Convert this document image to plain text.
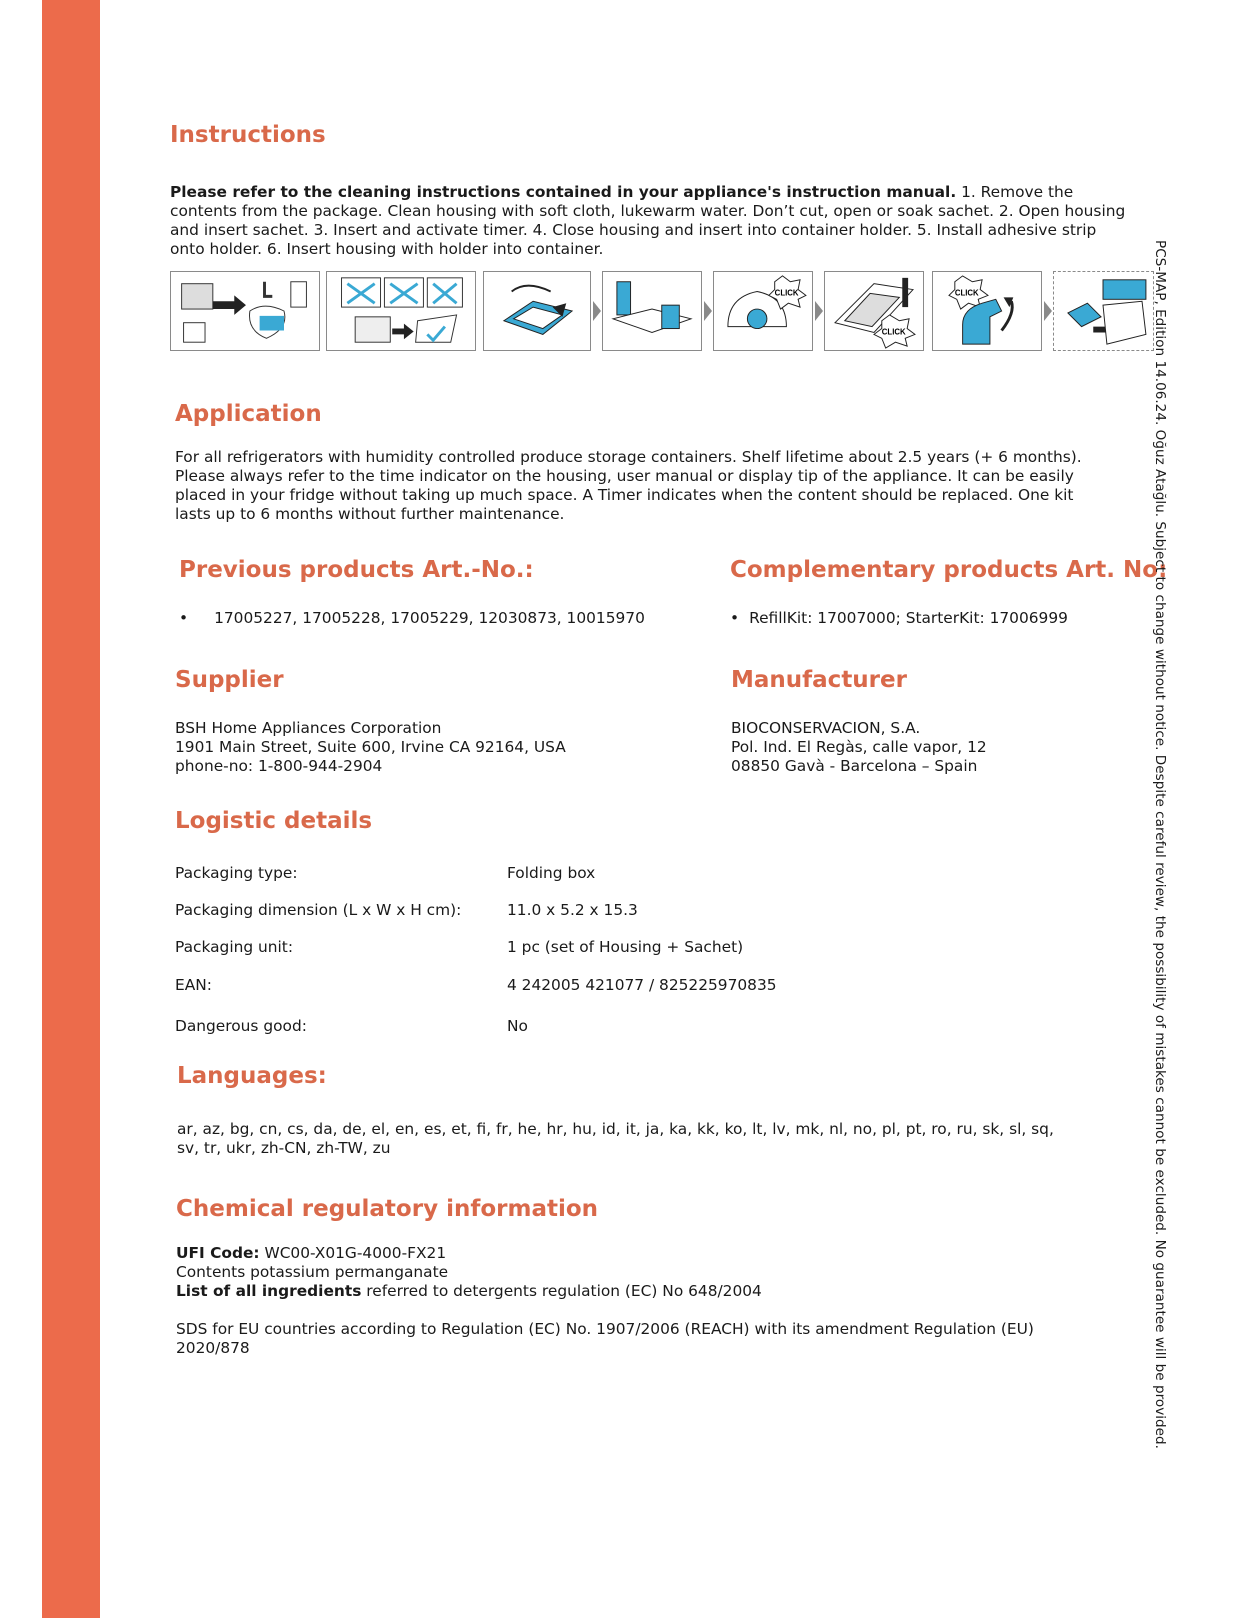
Instructions

Please refer to the cleaning instructions contained in your appliance's instruction manual. 1. Remove the contents from the package. Clean housing with soft cloth, lukewarm water. Don’t cut, open or soak sachet. 2. Open housing and insert sachet. 3. Insert and activate timer. 4. Close housing and insert into container holder. 5. Install adhesive strip onto holder. 6. Insert housing with holder into container.

CLICK
CLICK
CLICK
Application

For all refrigerators with humidity controlled produce storage containers. Shelf lifetime about 2.5 years (+ 6 months). Please always refer to the time indicator on the housing, user manual or display tip of the appliance. It can be easily placed in your fridge without taking up much space. A Timer indicates when the content should be replaced. One kit lasts up to 6 months without further maintenance.

Previous products Art.-No.:
• 17005227, 17005228, 17005229, 12030873, 10015970
Complementary products Art. No:
• RefillKit: 17007000; StarterKit: 17006999
Supplier
BSH Home Appliances Corporation
1901 Main Street, Suite 600, Irvine CA 92164, USA
phone-no: 1-800-944-2904
Manufacturer
BIOCONSERVACION, S.A.
Pol. Ind. El Regàs, calle vapor, 12
08850 Gavà - Barcelona – Spain
Logistic details
Packaging type:	Folding box
Packaging dimension (L x W x H cm):	11.0 x 5.2 x 15.3
Packaging unit:	1 pc (set of Housing + Sachet)
EAN:	4 242005 421077 / 825225970835
Dangerous good:	No
Languages:

ar, az, bg, cn, cs, da, de, el, en, es, et, fi, fr, he, hr, hu, id, it, ja, ka, kk, ko, lt, lv, mk, nl, no, pl, pt, ro, ru, sk, sl, sq, sv, tr, ukr, zh-CN, zh-TW, zu

Chemical regulatory information
UFI Code: WC00-X01G-4000-FX21
Contents potassium permanganate
List of all ingredients referred to detergents regulation (EC) No 648/2004
SDS for EU countries according to Regulation (EC) No. 1907/2006 (REACH) with its amendment Regulation (EU) 2020/878	PCS-MAP, Edition 14.06.24. Oğuz Atağlu. Subject to change without notice. Despite careful review, the possibility of mistakes cannot be excluded. No guarantee will be provided.
